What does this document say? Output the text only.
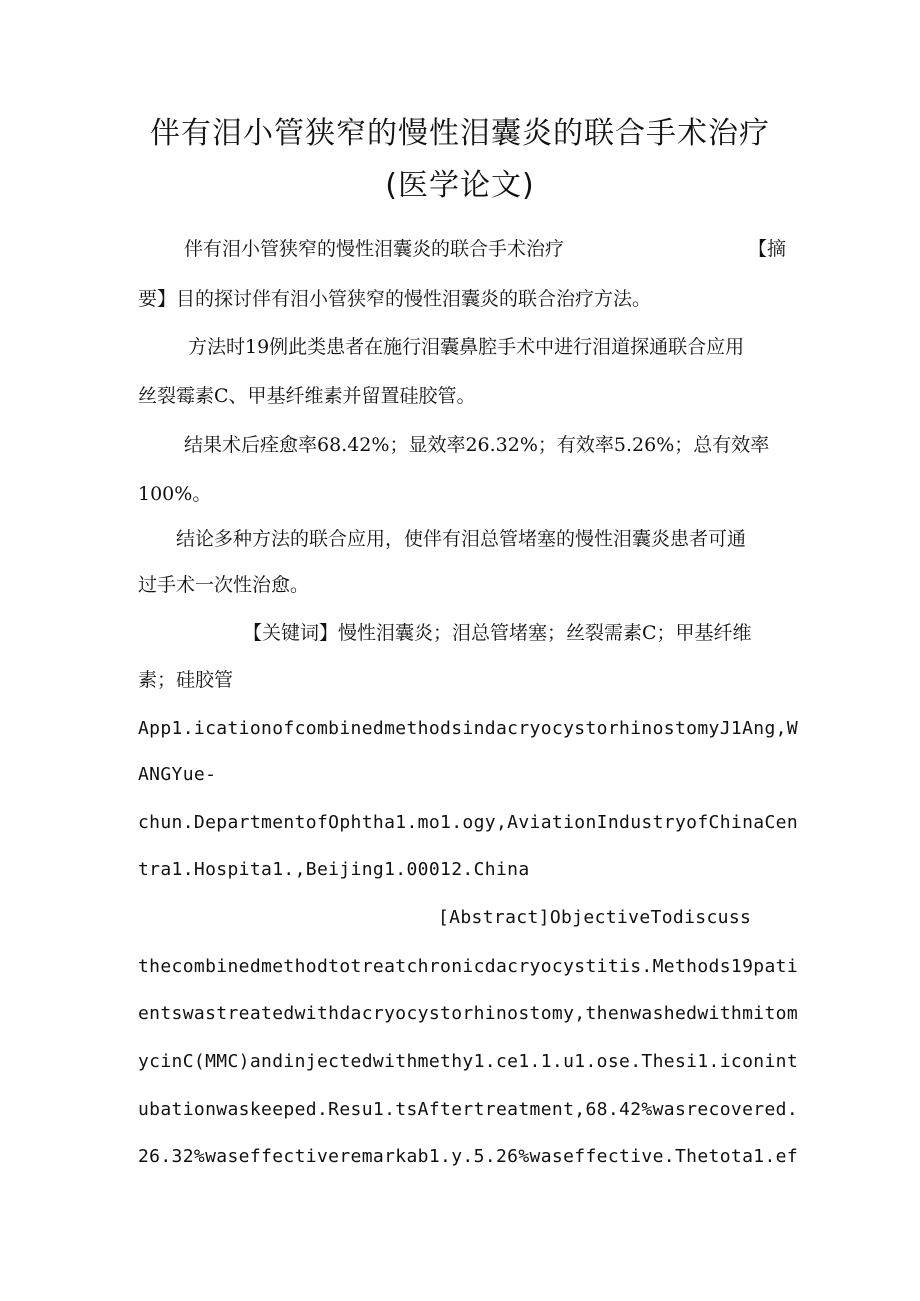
伴有泪小管狭窄的慢性泪囊炎的联合手术治疗(医学论文)
伴有泪小管狭窄的慢性泪囊炎的联合手术治疗	【摘
要】目的探讨伴有泪小管狭窄的慢性泪囊炎的联合治疗方法。
方法时19例此类患者在施行泪囊鼻腔手术中进行泪道探通联合应用
丝裂霉素C、甲基纤维素并留置硅胶管。
结果术后痊愈率68.42%；显效率26.32%；有效率5.26%；总有效率
100%。
结论多种方法的联合应用，使伴有泪总管堵塞的慢性泪囊炎患者可通
过手术一次性治愈。
【关键词】慢性泪囊炎；泪总管堵塞；丝裂需素C；甲基纤维
素；硅胶管
App1.icationofcombinedmethodsindacryocystorhinostomyJ1Ang,W
ANGYue-
chun.DepartmentofOphtha1.mo1.ogy,AviationIndustryofChinaCen
tra1.Hospita1.,Beijing1.00012.China
[Abstract]ObjectiveTodiscuss
thecombinedmethodtotreatchronicdacryocystitis.Methods19pati
entswastreatedwithdacryocystorhinostomy,thenwashedwithmitom
ycinC(MMC)andinjectedwithmethy1.ce1.1.u1.ose.Thesi1.iconint
ubationwaskeeped.Resu1.tsAftertreatment,68.42%wasrecovered.
26.32%waseffectiveremarkab1.y.5.26%waseffective.Thetota1.ef
